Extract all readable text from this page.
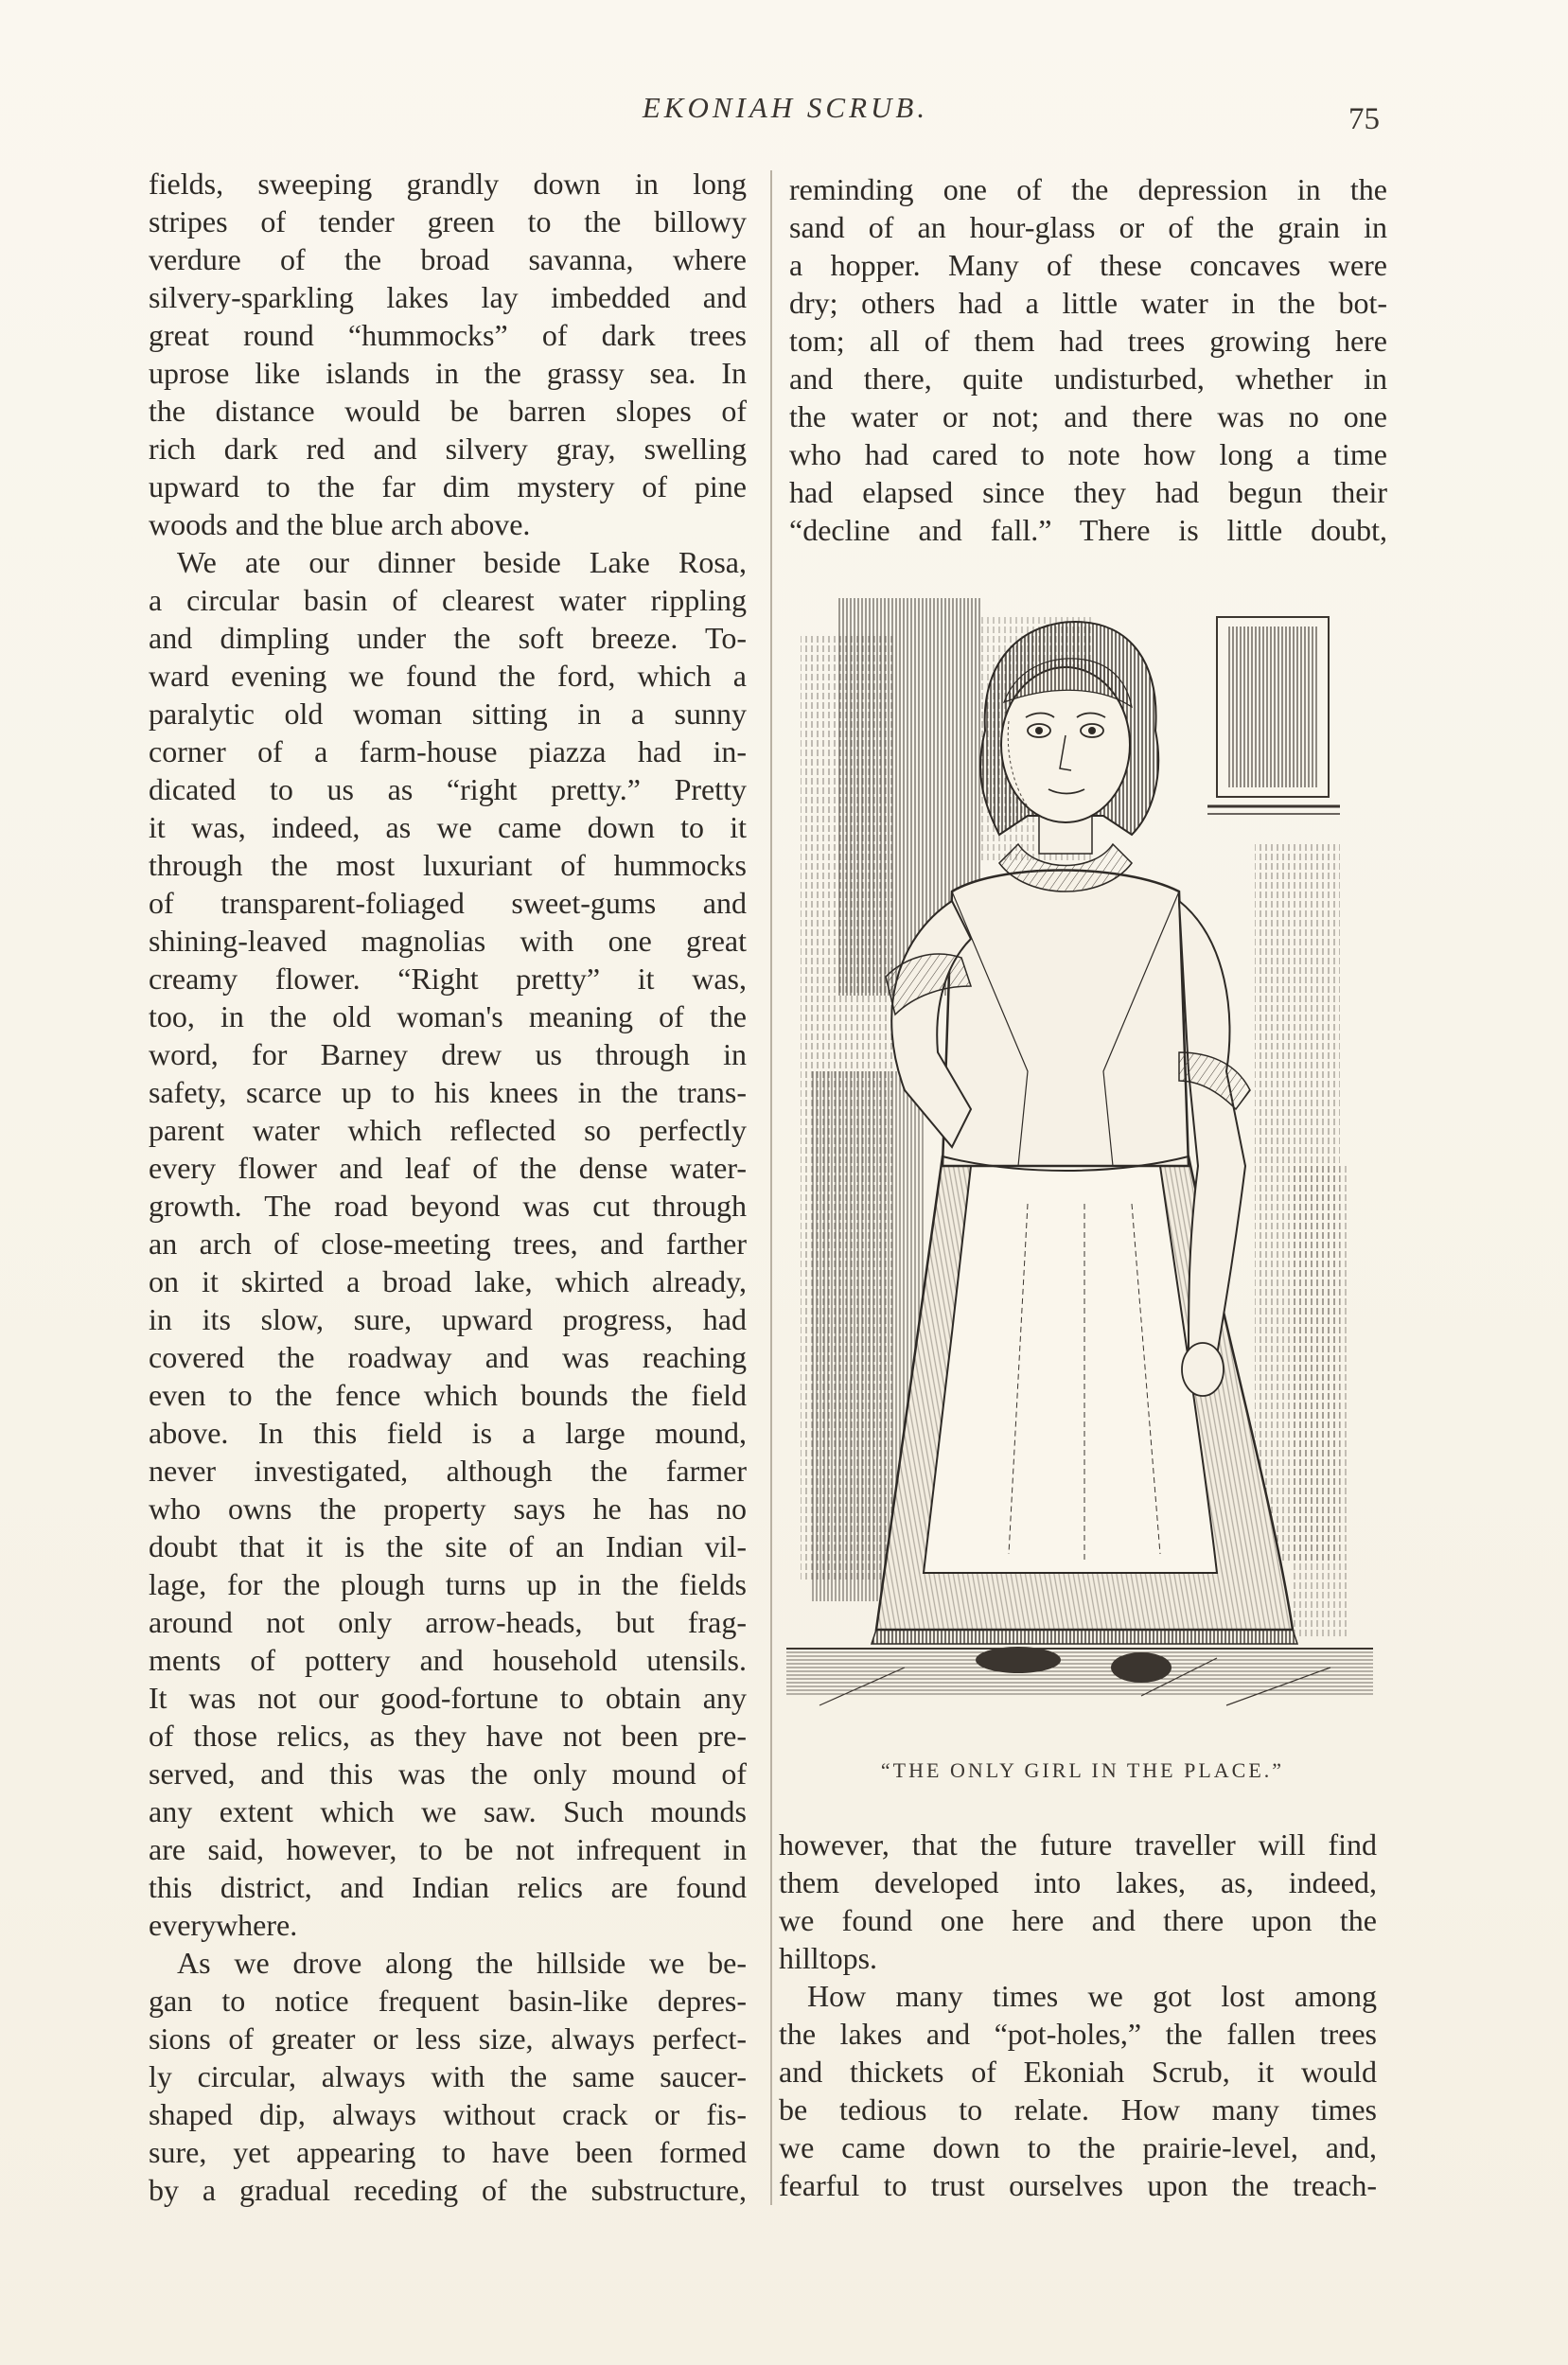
EKONIAH SCRUB.	75
fields, sweeping grandly down in long
stripes of tender green to the billowy
verdure of the broad savanna, where
silvery-sparkling lakes lay imbedded and
great round “hummocks” of dark trees
uprose like islands in the grassy sea. In
the distance would be barren slopes of
rich dark red and silvery gray, swelling
upward to the far dim mystery of pine
woods and the blue arch above.
We ate our dinner beside Lake Rosa,
a circular basin of clearest water rippling
and dimpling under the soft breeze. To-
ward evening we found the ford, which a
paralytic old woman sitting in a sunny
corner of a farm-house piazza had in-
dicated to us as “right pretty.” Pretty
it was, indeed, as we came down to it
through the most luxuriant of hummocks
of transparent-foliaged sweet-gums and
shining-leaved magnolias with one great
creamy flower. “Right pretty” it was,
too, in the old woman's meaning of the
word, for Barney drew us through in
safety, scarce up to his knees in the trans-
parent water which reflected so perfectly
every flower and leaf of the dense water-
growth. The road beyond was cut through
an arch of close-meeting trees, and farther
on it skirted a broad lake, which already,
in its slow, sure, upward progress, had
covered the roadway and was reaching
even to the fence which bounds the field
above. In this field is a large mound,
never investigated, although the farmer
who owns the property says he has no
doubt that it is the site of an Indian vil-
lage, for the plough turns up in the fields
around not only arrow-heads, but frag-
ments of pottery and household utensils.
It was not our good-fortune to obtain any
of those relics, as they have not been pre-
served, and this was the only mound of
any extent which we saw. Such mounds
are said, however, to be not infrequent in
this district, and Indian relics are found
everywhere.
As we drove along the hillside we be-
gan to notice frequent basin-like depres-
sions of greater or less size, always perfect-
ly circular, always with the same saucer-
shaped dip, always without crack or fis-
sure, yet appearing to have been formed
by a gradual receding of the substructure,
reminding one of the depression in the
sand of an hour-glass or of the grain in
a hopper. Many of these concaves were
dry; others had a little water in the bot-
tom; all of them had trees growing here
and there, quite undisturbed, whether in
the water or not; and there was no one
who had cared to note how long a time
had elapsed since they had begun their
“decline and fall.” There is little doubt,
“THE ONLY GIRL IN THE PLACE.”
however, that the future traveller will find
them developed into lakes, as, indeed,
we found one here and there upon the
hilltops.
How many times we got lost among
the lakes and “pot-holes,” the fallen trees
and thickets of Ekoniah Scrub, it would
be tedious to relate. How many times
we came down to the prairie-level, and,
fearful to trust ourselves upon the treach-
